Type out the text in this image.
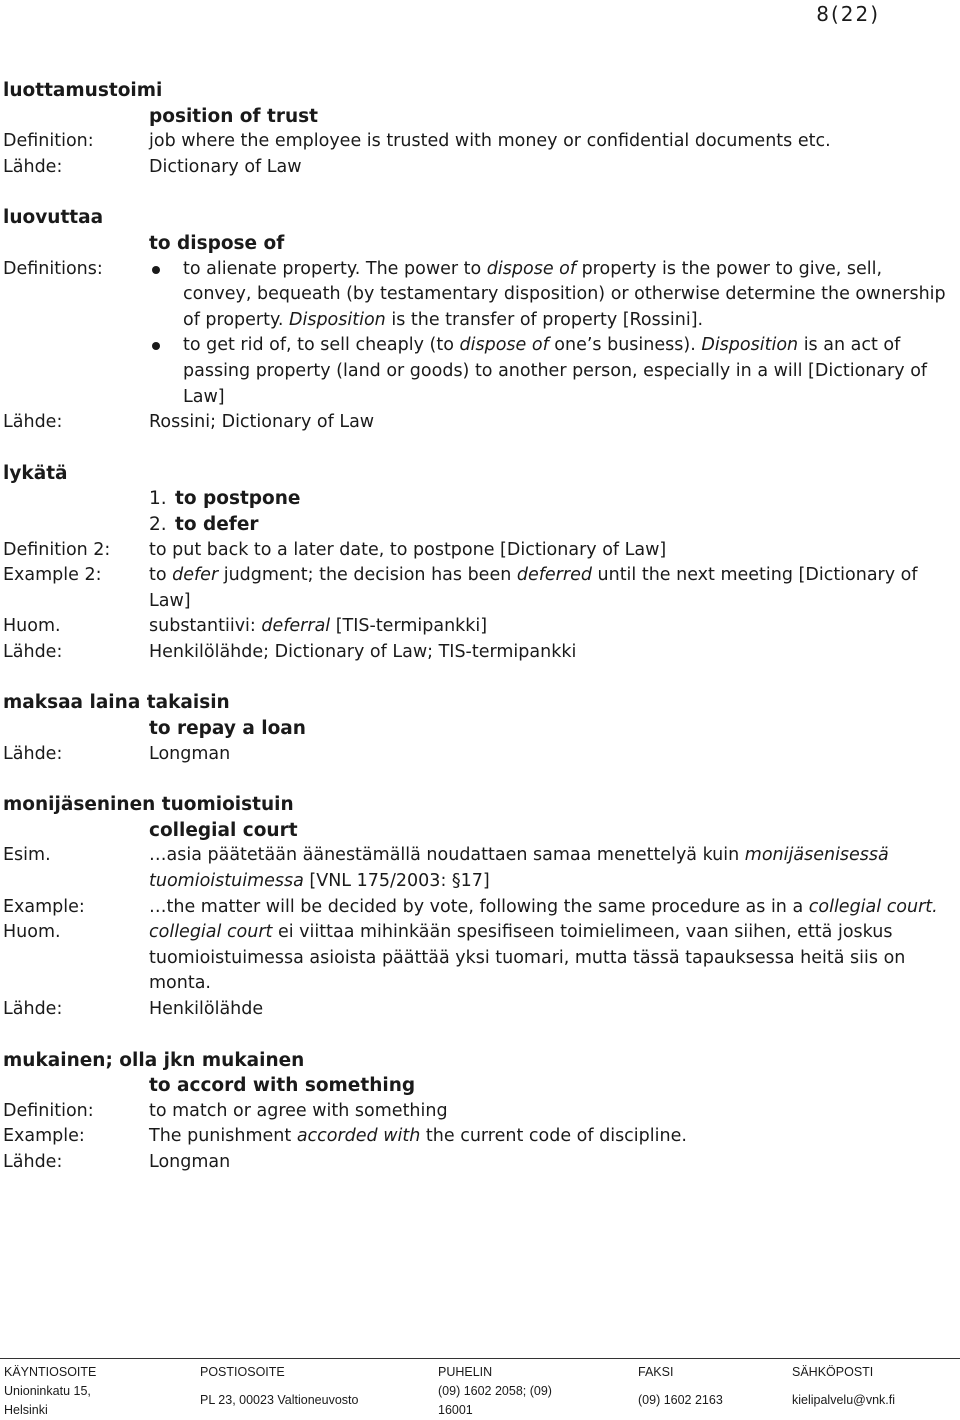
8(22)
luottamustoimi
position of trust
Definition:	job where the employee is trusted with money or confidential documents etc.
Lähde:	Dictionary of Law
luovuttaa
to dispose of
Definitions:	to alienate property. The power to dispose of property is the power to give, sell, convey, bequeath (by testamentary disposition) or otherwise determine the ownership of property. Disposition is the transfer of property [Rossini].
to get rid of, to sell cheaply (to dispose of one’s business). Disposition is an act of passing property (land or goods) to another person, especially in a will [Dictionary of Law]
Lähde:	Rossini; Dictionary of Law
lykätä
1. to postpone
2. to defer
Definition 2:	to put back to a later date, to postpone [Dictionary of Law]
Example 2:	to defer judgment; the decision has been deferred until the next meeting [Dictionary of Law]
Huom.	substantiivi: deferral [TIS-termipankki]
Lähde:	Henkilölähde; Dictionary of Law; TIS-termipankki
maksaa laina takaisin
to repay a loan
Lähde:	Longman
monijäseninen tuomioistuin
collegial court
Esim.	…asia päätetään äänestämällä noudattaen samaa menettelyä kuin monijäsenisessä tuomioistuimessa [VNL 175/2003: §17]
Example:	…the matter will be decided by vote, following the same procedure as in a collegial court.
Huom.	collegial court ei viittaa mihinkään spesifiseen toimielimeen, vaan siihen, että joskus tuomioistuimessa asioista päättää yksi tuomari, mutta tässä tapauksessa heitä siis on monta.
Lähde:	Henkilölähde
mukainen; olla jkn mukainen
to accord with something
Definition:	to match or agree with something
Example:	The punishment accorded with the current code of discipline.
Lähde:	Longman
KÄYNTIOSOITE
Unioninkatu 15,
Helsinki
POSTIOSOITE
PL 23, 00023 Valtioneuvosto
PUHELIN
(09) 1602 2058; (09)
16001
FAKSI
(09) 1602 2163
SÄHKÖPOSTI
kielipalvelu@vnk.fi
